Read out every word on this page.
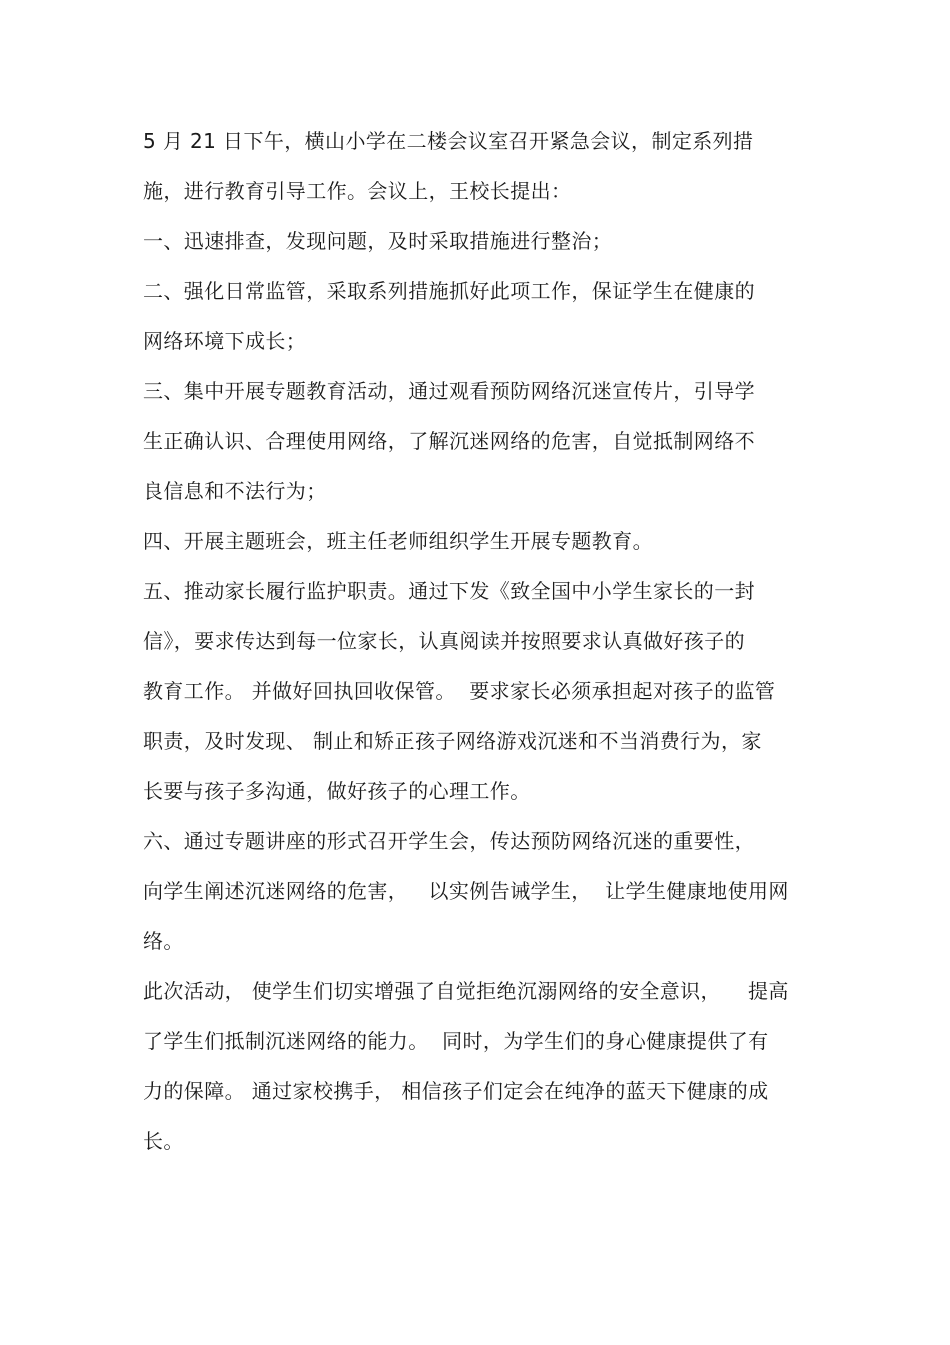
5 月 21 日下午，横山小学在二楼会议室召开紧急会议，制定系列措
施，进行教育引导工作。会议上，王校长提出：
一、迅速排查，发现问题，及时采取措施进行整治；
二、强化日常监管，采取系列措施抓好此项工作，保证学生在健康的
网络环境下成长；
三、集中开展专题教育活动，通过观看预防网络沉迷宣传片，引导学
生正确认识、合理使用网络，了解沉迷网络的危害，自觉抵制网络不
良信息和不法行为；
四、开展主题班会，班主任老师组织学生开展专题教育。
五、推动家长履行监护职责。通过下发《致全国中小学生家长的一封
信》，要求传达到每一位家长，认真阅读并按照要求认真做好孩子的
教育工作。 并做好回执回收保管。  要求家长必须承担起对孩子的监管
职责，及时发现、 制止和矫正孩子网络游戏沉迷和不当消费行为，家
长要与孩子多沟通，做好孩子的心理工作。
六、通过专题讲座的形式召开学生会，传达预防网络沉迷的重要性，
向学生阐述沉迷网络的危害，   以实例告诫学生，  让学生健康地使用网
络。
此次活动， 使学生们切实增强了自觉拒绝沉溺网络的安全意识，    提高
了学生们抵制沉迷网络的能力。  同时，为学生们的身心健康提供了有
力的保障。 通过家校携手， 相信孩子们定会在纯净的蓝天下健康的成
长。
